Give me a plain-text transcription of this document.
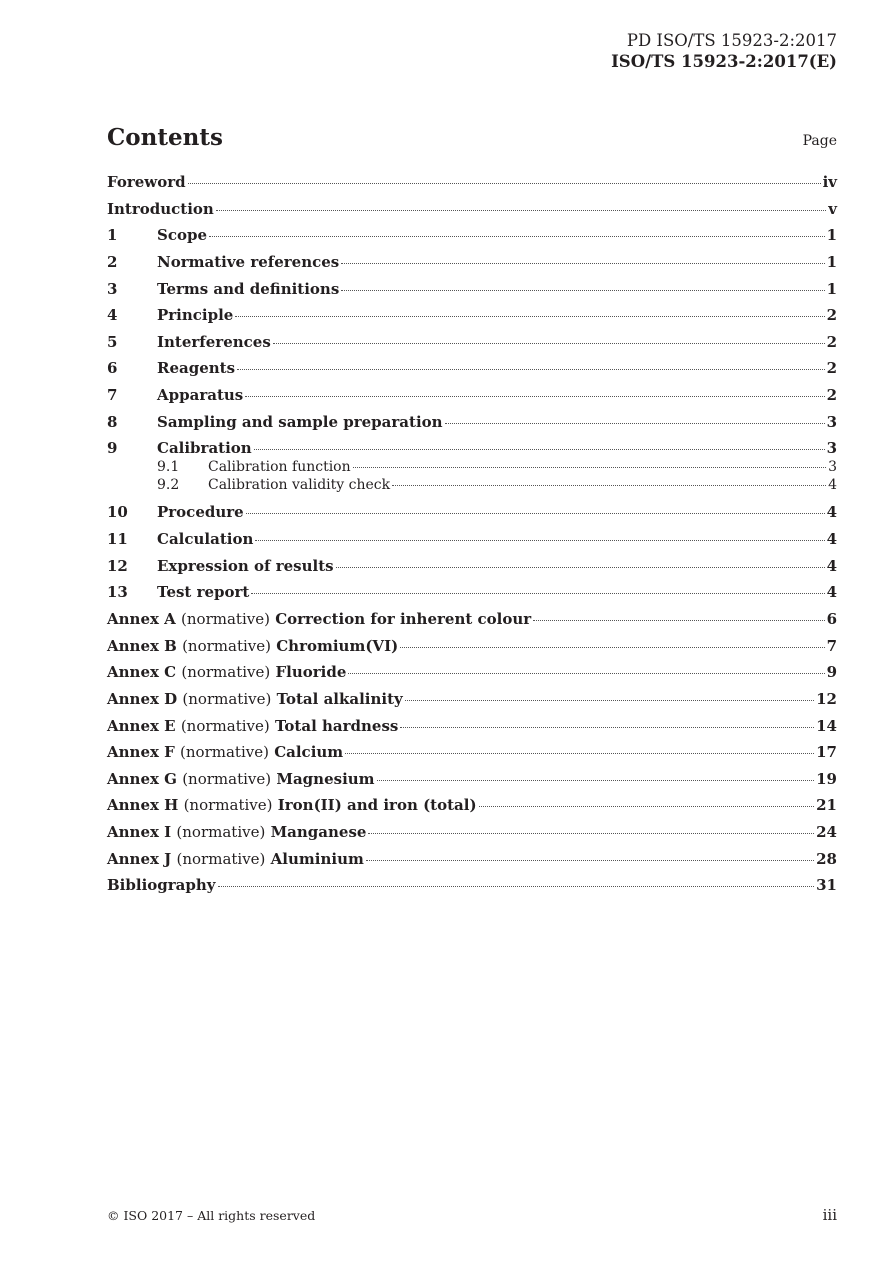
PD ISO/TS 15923-2:2017
ISO/TS 15923-2:2017(E)
Contents	Page
Foreword	iv
Introduction	v
1	Scope	1
2	Normative references	1
3	Terms and definitions	1
4	Principle	2
5	Interferences	2
6	Reagents	2
7	Apparatus	2
8	Sampling and sample preparation	3
9	Calibration	3
9.1	Calibration function	3
9.2	Calibration validity check	4
10	Procedure	4
11	Calculation	4
12	Expression of results	4
13	Test report	4
Annex A (normative) Correction for inherent colour	6
Annex B (normative) Chromium(VI)	7
Annex C (normative) Fluoride	9
Annex D (normative) Total alkalinity	12
Annex E (normative) Total hardness	14
Annex F (normative) Calcium	17
Annex G (normative) Magnesium	19
Annex H (normative) Iron(II) and iron (total)	21
Annex I (normative) Manganese	24
Annex J (normative) Aluminium	28
Bibliography	31
© ISO 2017 – All rights reserved	iii
